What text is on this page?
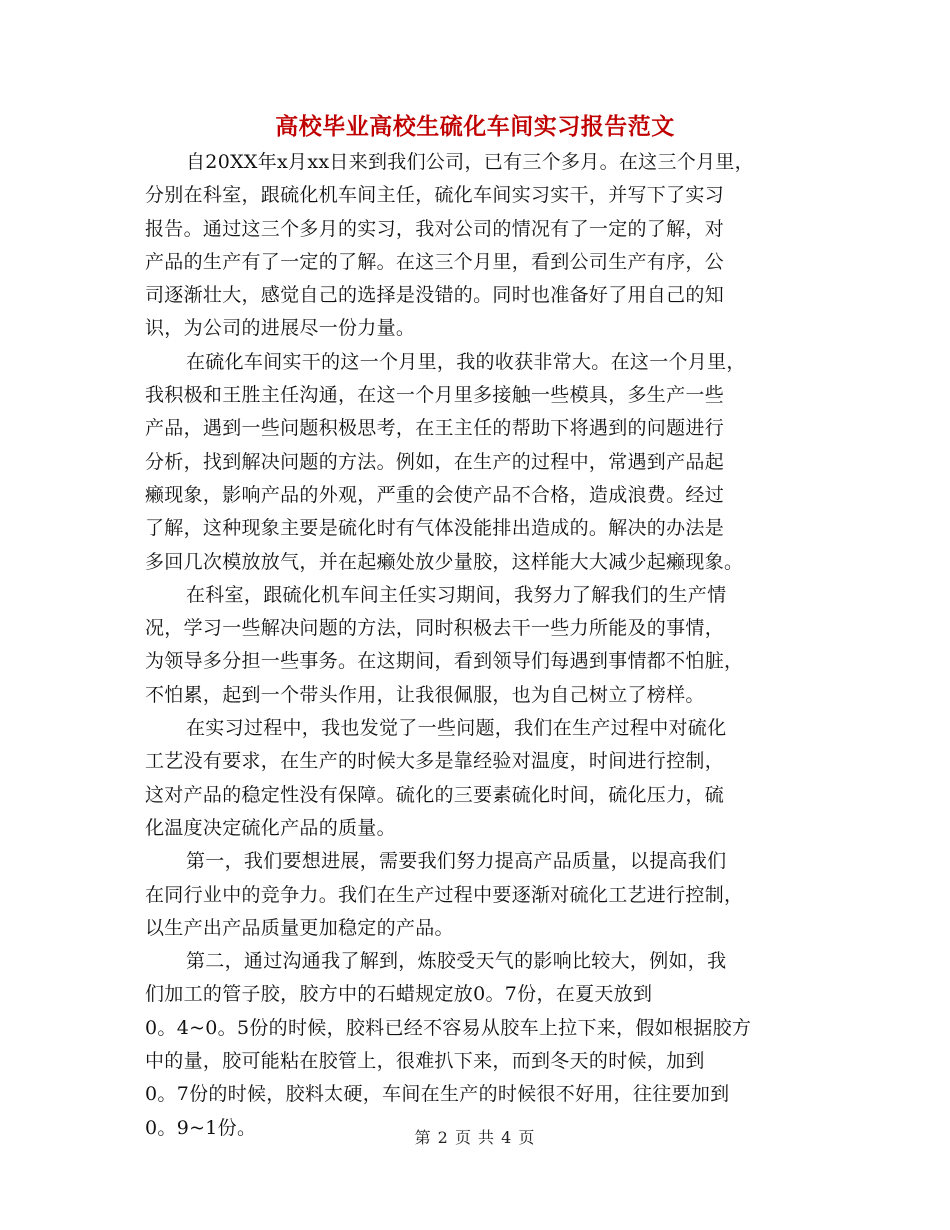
高校毕业高校生硫化车间实习报告范文
自20XX年x月xx日来到我们公司，已有三个多月。在这三个月里，
分别在科室，跟硫化机车间主任，硫化车间实习实干，并写下了实习
报告。通过这三个多月的实习，我对公司的情况有了一定的了解，对
产品的生产有了一定的了解。在这三个月里，看到公司生产有序，公
司逐渐壮大，感觉自己的选择是没错的。同时也准备好了用自己的知
识，为公司的进展尽一份力量。
在硫化车间实干的这一个月里，我的收获非常大。在这一个月里，
我积极和王胜主任沟通，在这一个月里多接触一些模具，多生产一些
产品，遇到一些问题积极思考，在王主任的帮助下将遇到的问题进行
分析，找到解决问题的方法。例如，在生产的过程中，常遇到产品起
癞现象，影响产品的外观，严重的会使产品不合格，造成浪费。经过
了解，这种现象主要是硫化时有气体没能排出造成的。解决的办法是
多回几次模放放气，并在起癞处放少量胶，这样能大大减少起癞现象。
在科室，跟硫化机车间主任实习期间，我努力了解我们的生产情
况，学习一些解决问题的方法，同时积极去干一些力所能及的事情，
为领导多分担一些事务。在这期间，看到领导们每遇到事情都不怕脏，
不怕累，起到一个带头作用，让我很佩服，也为自己树立了榜样。
在实习过程中，我也发觉了一些问题，我们在生产过程中对硫化
工艺没有要求，在生产的时候大多是靠经验对温度，时间进行控制，
这对产品的稳定性没有保障。硫化的三要素硫化时间，硫化压力，硫
化温度决定硫化产品的质量。
第一，我们要想进展，需要我们努力提高产品质量，以提高我们
在同行业中的竞争力。我们在生产过程中要逐渐对硫化工艺进行控制，
以生产出产品质量更加稳定的产品。
第二，通过沟通我了解到，炼胶受天气的影响比较大，例如，我
们加工的管子胶，胶方中的石蜡规定放0。7份，在夏天放到
0。4~0。5份的时候，胶料已经不容易从胶车上拉下来，假如根据胶方
中的量，胶可能粘在胶管上，很难扒下来，而到冬天的时候，加到
0。7份的时候，胶料太硬，车间在生产的时候很不好用，往往要加到
0。9~1份。	第 2 页 共 4 页
